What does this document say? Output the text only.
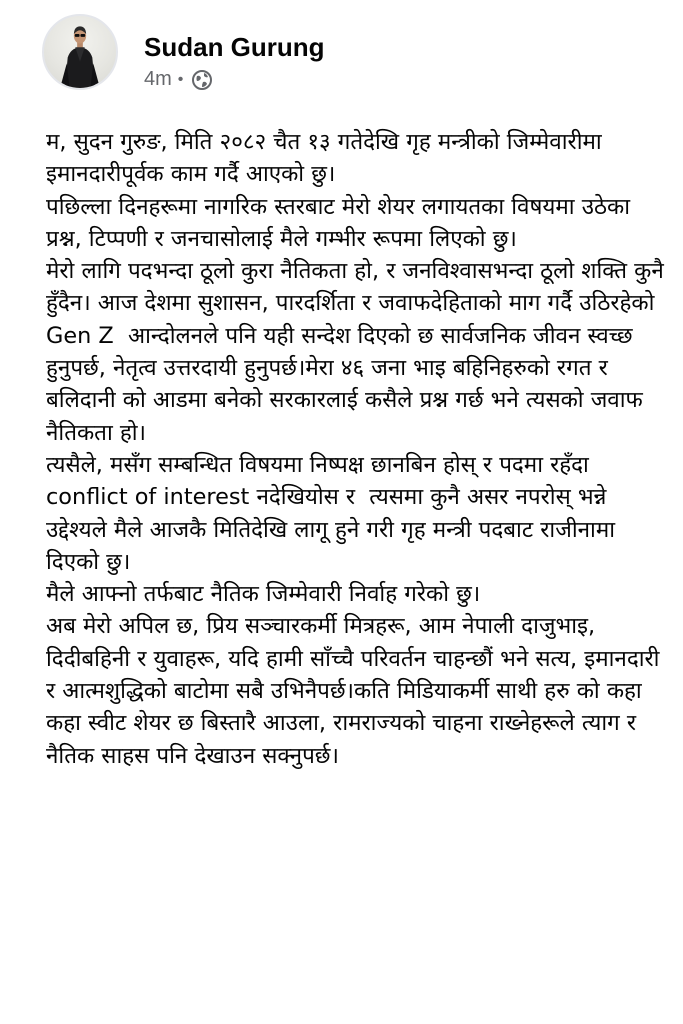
Sudan Gurung
4m •
म, सुदन गुरुङ, मिति २०८२ चैत १३ गतेदेखि गृह मन्त्रीको जिम्मेवारीमा इमानदारीपूर्वक काम गर्दै आएको छु।
पछिल्ला दिनहरूमा नागरिक स्तरबाट मेरो शेयर लगायतका विषयमा उठेका प्रश्न, टिप्पणी र जनचासोलाई मैले गम्भीर रूपमा लिएको छु।
मेरो लागि पदभन्दा ठूलो कुरा नैतिकता हो, र जनविश्वासभन्दा ठूलो शक्ति कुनै हुँदैन। आज देशमा सुशासन, पारदर्शिता र जवाफदेहिताको माग गर्दै उठिरहेको Gen Z  आन्दोलनले पनि यही सन्देश दिएको छ सार्वजनिक जीवन स्वच्छ हुनुपर्छ, नेतृत्व उत्तरदायी हुनुपर्छ।मेरा ४६ जना भाइ बहिनिहरुको रगत र बलिदानी को आडमा बनेको सरकारलाई कसैले प्रश्न गर्छ भने त्यसको जवाफ नैतिकता हो।
त्यसैले, मसँग सम्बन्धित विषयमा निष्पक्ष छानबिन होस् र पदमा रहँदा conflict of interest नदेखियोस र  त्यसमा कुनै असर नपरोस् भन्ने उद्देश्यले मैले आजकै मितिदेखि लागू हुने गरी गृह मन्त्री पदबाट राजीनामा दिएको छु।
मैले आफ्नो तर्फबाट नैतिक जिम्मेवारी निर्वाह गरेको छु।
अब मेरो अपिल छ, प्रिय सञ्चारकर्मी मित्रहरू, आम नेपाली दाजुभाइ, दिदीबहिनी र युवाहरू, यदि हामी साँच्चै परिवर्तन चाहन्छौं भने सत्य, इमानदारी र आत्मशुद्धिको बाटोमा सबै उभिनैपर्छ।कति मिडियाकर्मी साथी हरु को कहा कहा स्वीट शेयर छ बिस्तारै आउला, रामराज्यको चाहना राख्नेहरूले त्याग र नैतिक साहस पनि देखाउन सक्नुपर्छ।
